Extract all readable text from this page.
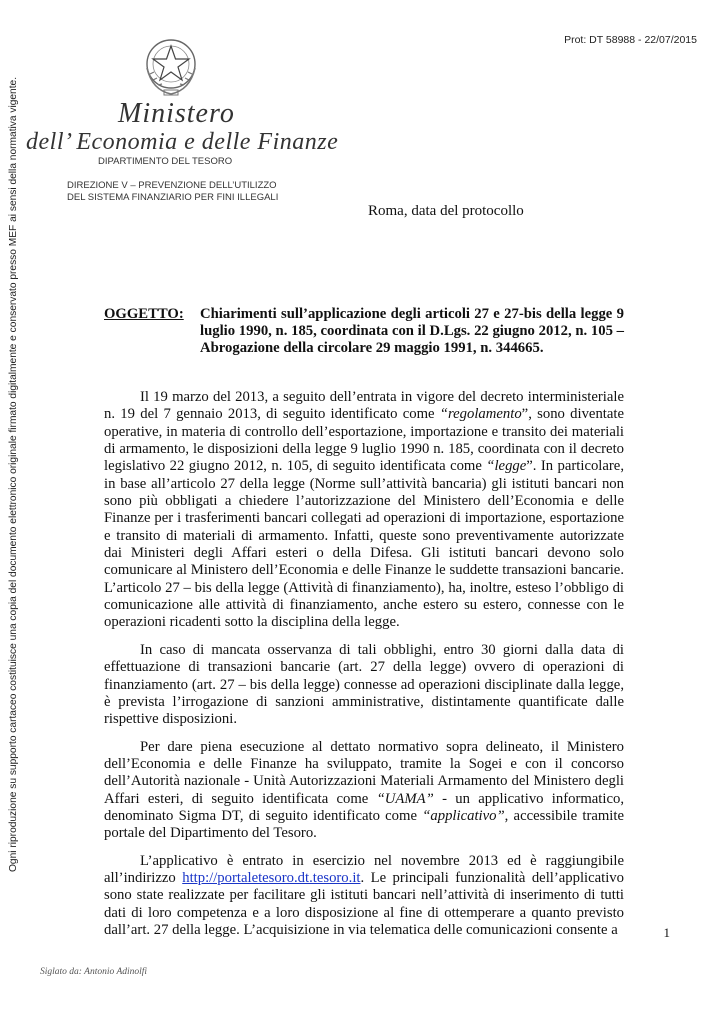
Prot: DT 58988 - 22/07/2015
Ogni riproduzione su supporto cartaceo costituisce una copia del documento elettronico originale firmato digitalmente e conservato presso MEF ai sensi della normativa vigente.	Ministero
dell’ Economia e delle Finanze
DIPARTIMENTO DEL TESORO
DIREZIONE V – PREVENZIONE DELL’UTILIZZO
DEL SISTEMA FINANZIARIO PER FINI ILLEGALI
Roma, data del protocollo
OGGETTO: Chiarimenti sull’applicazione degli articoli 27 e 27-bis della legge 9 luglio 1990, n. 185, coordinata con il D.Lgs. 22 giugno 2012, n. 105 – Abrogazione della circolare 29 maggio 1991, n. 344665.

Il 19 marzo del 2013, a seguito dell’entrata in vigore del decreto interministeriale n. 19 del 7 gennaio 2013, di seguito identificato come “regolamento”, sono diventate operative, in materia di controllo dell’esportazione, importazione e transito dei materiali di armamento, le disposizioni della legge 9 luglio 1990 n. 185, coordinata con il decreto legislativo 22 giugno 2012, n. 105, di seguito identificata come “legge”. In particolare, in base all’articolo 27 della legge (Norme sull’attività bancaria) gli istituti bancari non sono più obbligati a chiedere l’autorizzazione del Ministero dell’Economia e delle Finanze per i trasferimenti bancari collegati ad operazioni di importazione, esportazione e transito di materiali di armamento. Infatti, queste sono preventivamente autorizzate dai Ministeri degli Affari esteri o della Difesa. Gli istituti bancari devono solo comunicare al Ministero dell’Economia e delle Finanze le suddette transazioni bancarie. L’articolo 27 – bis della legge (Attività di finanziamento), ha, inoltre, esteso l’obbligo di comunicazione alle attività di finanziamento, anche estero su estero, connesse con le operazioni ricadenti sotto la disciplina della legge.

In caso di mancata osservanza di tali obblighi, entro 30 giorni dalla data di effettuazione di transazioni bancarie (art. 27 della legge) ovvero di operazioni di finanziamento (art. 27 – bis della legge) connesse ad operazioni disciplinate dalla legge, è prevista l’irrogazione di sanzioni amministrative, distintamente quantificate dalle rispettive disposizioni.

Per dare piena esecuzione al dettato normativo sopra delineato, il Ministero dell’Economia e delle Finanze ha sviluppato, tramite la Sogei e con il concorso dell’Autorità nazionale - Unità Autorizzazioni Materiali Armamento del Ministero degli Affari esteri, di seguito identificata come “UAMA” - un applicativo informatico, denominato Sigma DT, di seguito identificato come “applicativo”, accessibile tramite portale del Dipartimento del Tesoro.

L’applicativo è entrato in esercizio nel novembre 2013 ed è raggiungibile all’indirizzo http://portaletesoro.dt.tesoro.it. Le principali funzionalità dell’applicativo sono state realizzate per facilitare gli istituti bancari nell’attività di inserimento di tutti dati di loro competenza e a loro disposizione al fine di ottemperare a quanto previsto dall’art. 27 della legge. L’acquisizione in via telematica delle comunicazioni consente a	1
Siglato da: Antonio Adinolfi
